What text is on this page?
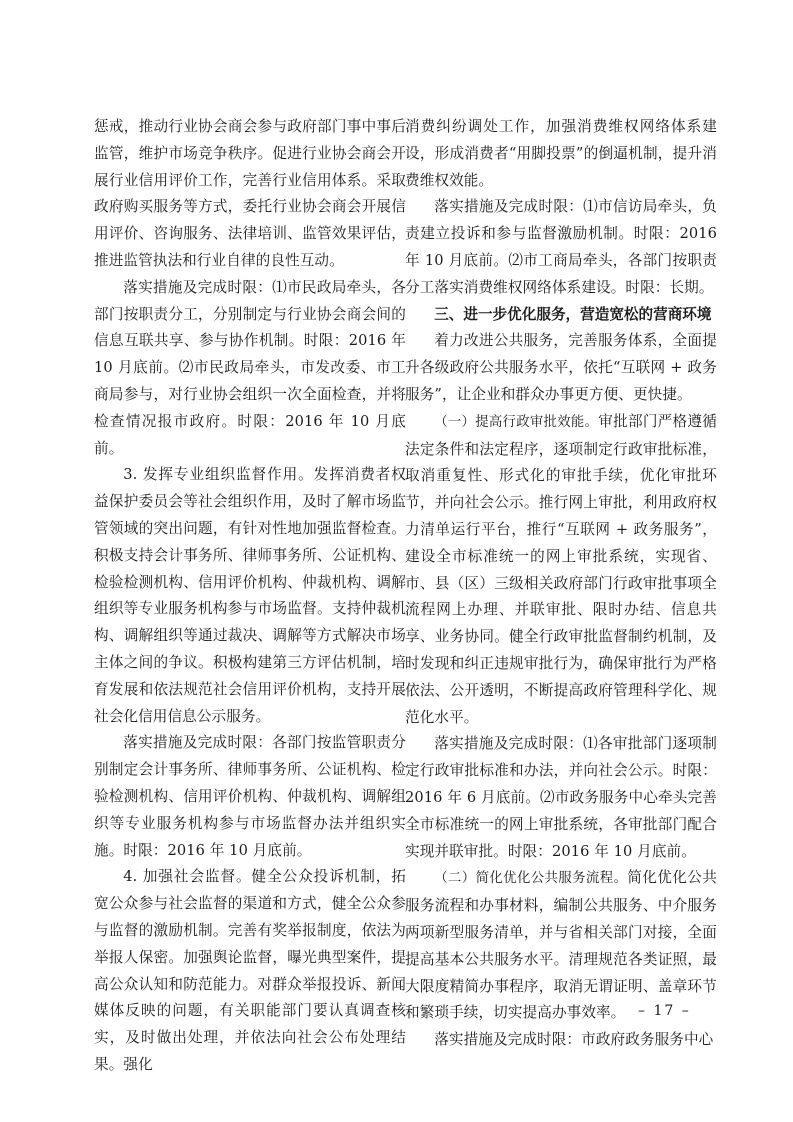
惩戒，推动行业协会商会参与政府部门事中事后监管，维护市场竞争秩序。促进行业协会商会开展行业信用评价工作，完善行业信用体系。采取政府购买服务等方式，委托行业协会商会开展信用评价、咨询服务、法律培训、监管效果评估，推进监管执法和行业自律的良性互动。

落实措施及完成时限：⑴市民政局牵头，各部门按职责分工，分别制定与行业协会商会间的信息互联共享、参与协作机制。时限：2016 年 10 月底前。⑵市民政局牵头，市发改委、市工商局参与，对行业协会组织一次全面检查，并将检查情况报市政府。时限：2016 年 10 月底前。

3. 发挥专业组织监督作用。发挥消费者权益保护委员会等社会组织作用，及时了解市场监管领域的突出问题，有针对性地加强监督检查。积极支持会计事务所、律师事务所、公证机构、检验检测机构、信用评价机构、仲裁机构、调解组织等专业服务机构参与市场监督。支持仲裁机构、调解组织等通过裁决、调解等方式解决市场主体之间的争议。积极构建第三方评估机制，培育发展和依法规范社会信用评价机构，支持开展社会化信用信息公示服务。

落实措施及完成时限：各部门按监管职责分别制定会计事务所、律师事务所、公证机构、检验检测机构、信用评价机构、仲裁机构、调解组织等专业服务机构参与市场监督办法并组织实施。时限：2016 年 10 月底前。

4. 加强社会监督。健全公众投诉机制，拓宽公众参与社会监督的渠道和方式，健全公众参与监督的激励机制。完善有奖举报制度，依法为举报人保密。加强舆论监督，曝光典型案件，提高公众认知和防范能力。对群众举报投诉、新闻媒体反映的问题，有关职能部门要认真调查核实，及时做出处理，并依法向社会公布处理结果。强化

消费纠纷调处工作，加强消费维权网络体系建设，形成消费者“用脚投票”的倒逼机制，提升消费维权效能。

落实措施及完成时限：⑴市信访局牵头，负责建立投诉和参与监督激励机制。时限：2016 年 10 月底前。⑵市工商局牵头，各部门按职责分工落实消费维权网络体系建设。时限：长期。

三、进一步优化服务，营造宽松的营商环境

着力改进公共服务，完善服务体系，全面提升各级政府公共服务水平，依托“互联网 + 政务服务”，让企业和群众办事更方便、更快捷。

（一）提高行政审批效能。审批部门严格遵循法定条件和法定程序，逐项制定行政审批标准，取消重复性、形式化的审批手续，优化审批环节，并向社会公示。推行网上审批，利用政府权力清单运行平台，推行“互联网 + 政务服务”，建设全市标准统一的网上审批系统，实现省、市、县（区）三级相关政府部门行政审批事项全流程网上办理、并联审批、限时办结、信息共享、业务协同。健全行政审批监督制约机制，及时发现和纠正违规审批行为，确保审批行为严格依法、公开透明，不断提高政府管理科学化、规范化水平。

落实措施及完成时限：⑴各审批部门逐项制定行政审批标准和办法，并向社会公示。时限：2016 年 6 月底前。⑵市政务服务中心牵头完善全市标准统一的网上审批系统，各审批部门配合实现并联审批。时限：2016 年 10 月底前。

（二）简化优化公共服务流程。简化优化公共服务流程和办事材料，编制公共服务、中介服务两项新型服务清单，并与省相关部门对接，全面提高基本公共服务水平。清理规范各类证照，最大限度精简办事程序，取消无谓证明、盖章环节和繁琐手续，切实提高办事效率。

落实措施及完成时限：市政府政务服务中心

– 17 –
